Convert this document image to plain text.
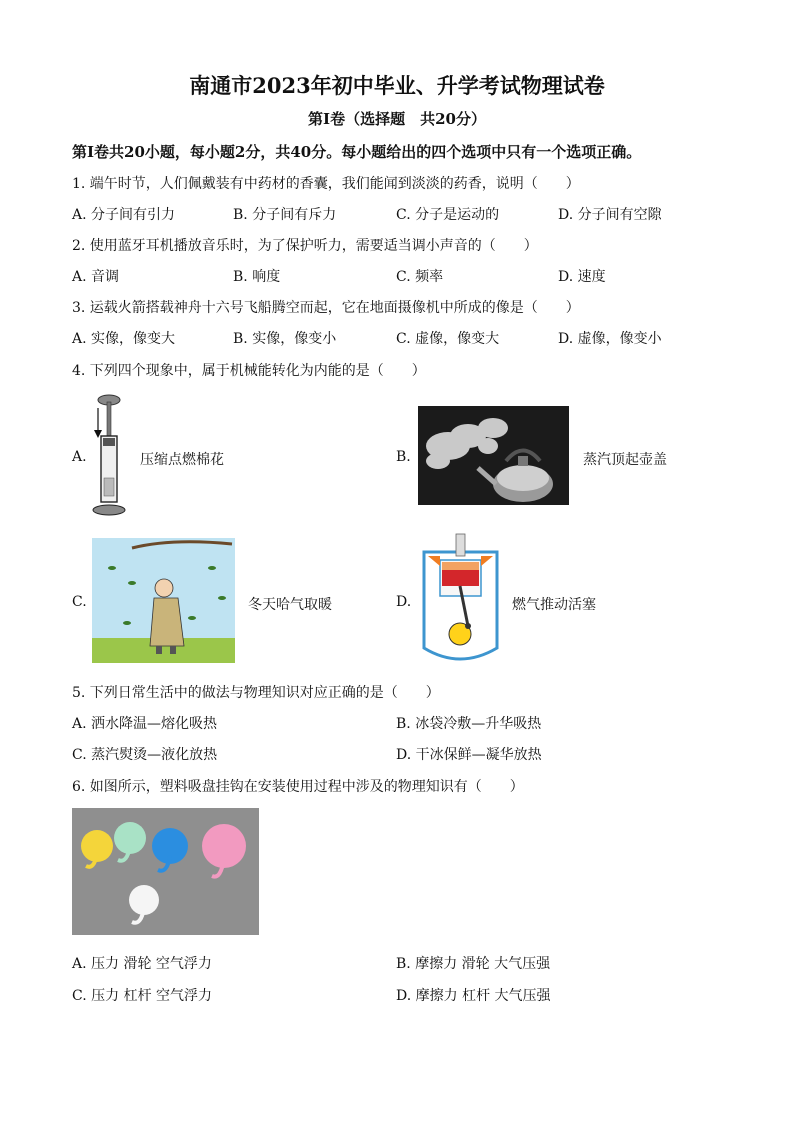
南通市2023年初中毕业、升学考试物理试卷
第Ⅰ卷（选择题　共20分）
第Ⅰ卷共20小题，每小题2分，共40分。每小题给出的四个选项中只有一个选项正确。
1. 端午时节，人们佩戴装有中药材的香囊，我们能闻到淡淡的药香，说明（　　）
A. 分子间有引力	B. 分子间有斥力	C. 分子是运动的	D. 分子间有空隙
2. 使用蓝牙耳机播放音乐时，为了保护听力，需要适当调小声音的（　　）
A. 音调	B. 响度	C. 频率	D. 速度
3. 运载火箭搭载神舟十六号飞船腾空而起，它在地面摄像机中所成的像是（　　）
A. 实像，像变大	B. 实像，像变小	C. 虚像，像变大	D. 虚像，像变小
4. 下列四个现象中，属于机械能转化为内能的是（　　）
A.	压缩点燃棉花	B.	蒸汽顶起壶盖
C.	冬天哈气取暖	D.	燃气推动活塞
5. 下列日常生活中的做法与物理知识对应正确的是（　　）
A. 洒水降温—熔化吸热	B. 冰袋冷敷—升华吸热
C. 蒸汽熨烫—液化放热	D. 干冰保鲜—凝华放热
6. 如图所示，塑料吸盘挂钩在安装使用过程中涉及的物理知识有（　　）
A. 压力 滑轮 空气浮力	B. 摩擦力 滑轮 大气压强
C. 压力 杠杆 空气浮力	D. 摩擦力 杠杆 大气压强
